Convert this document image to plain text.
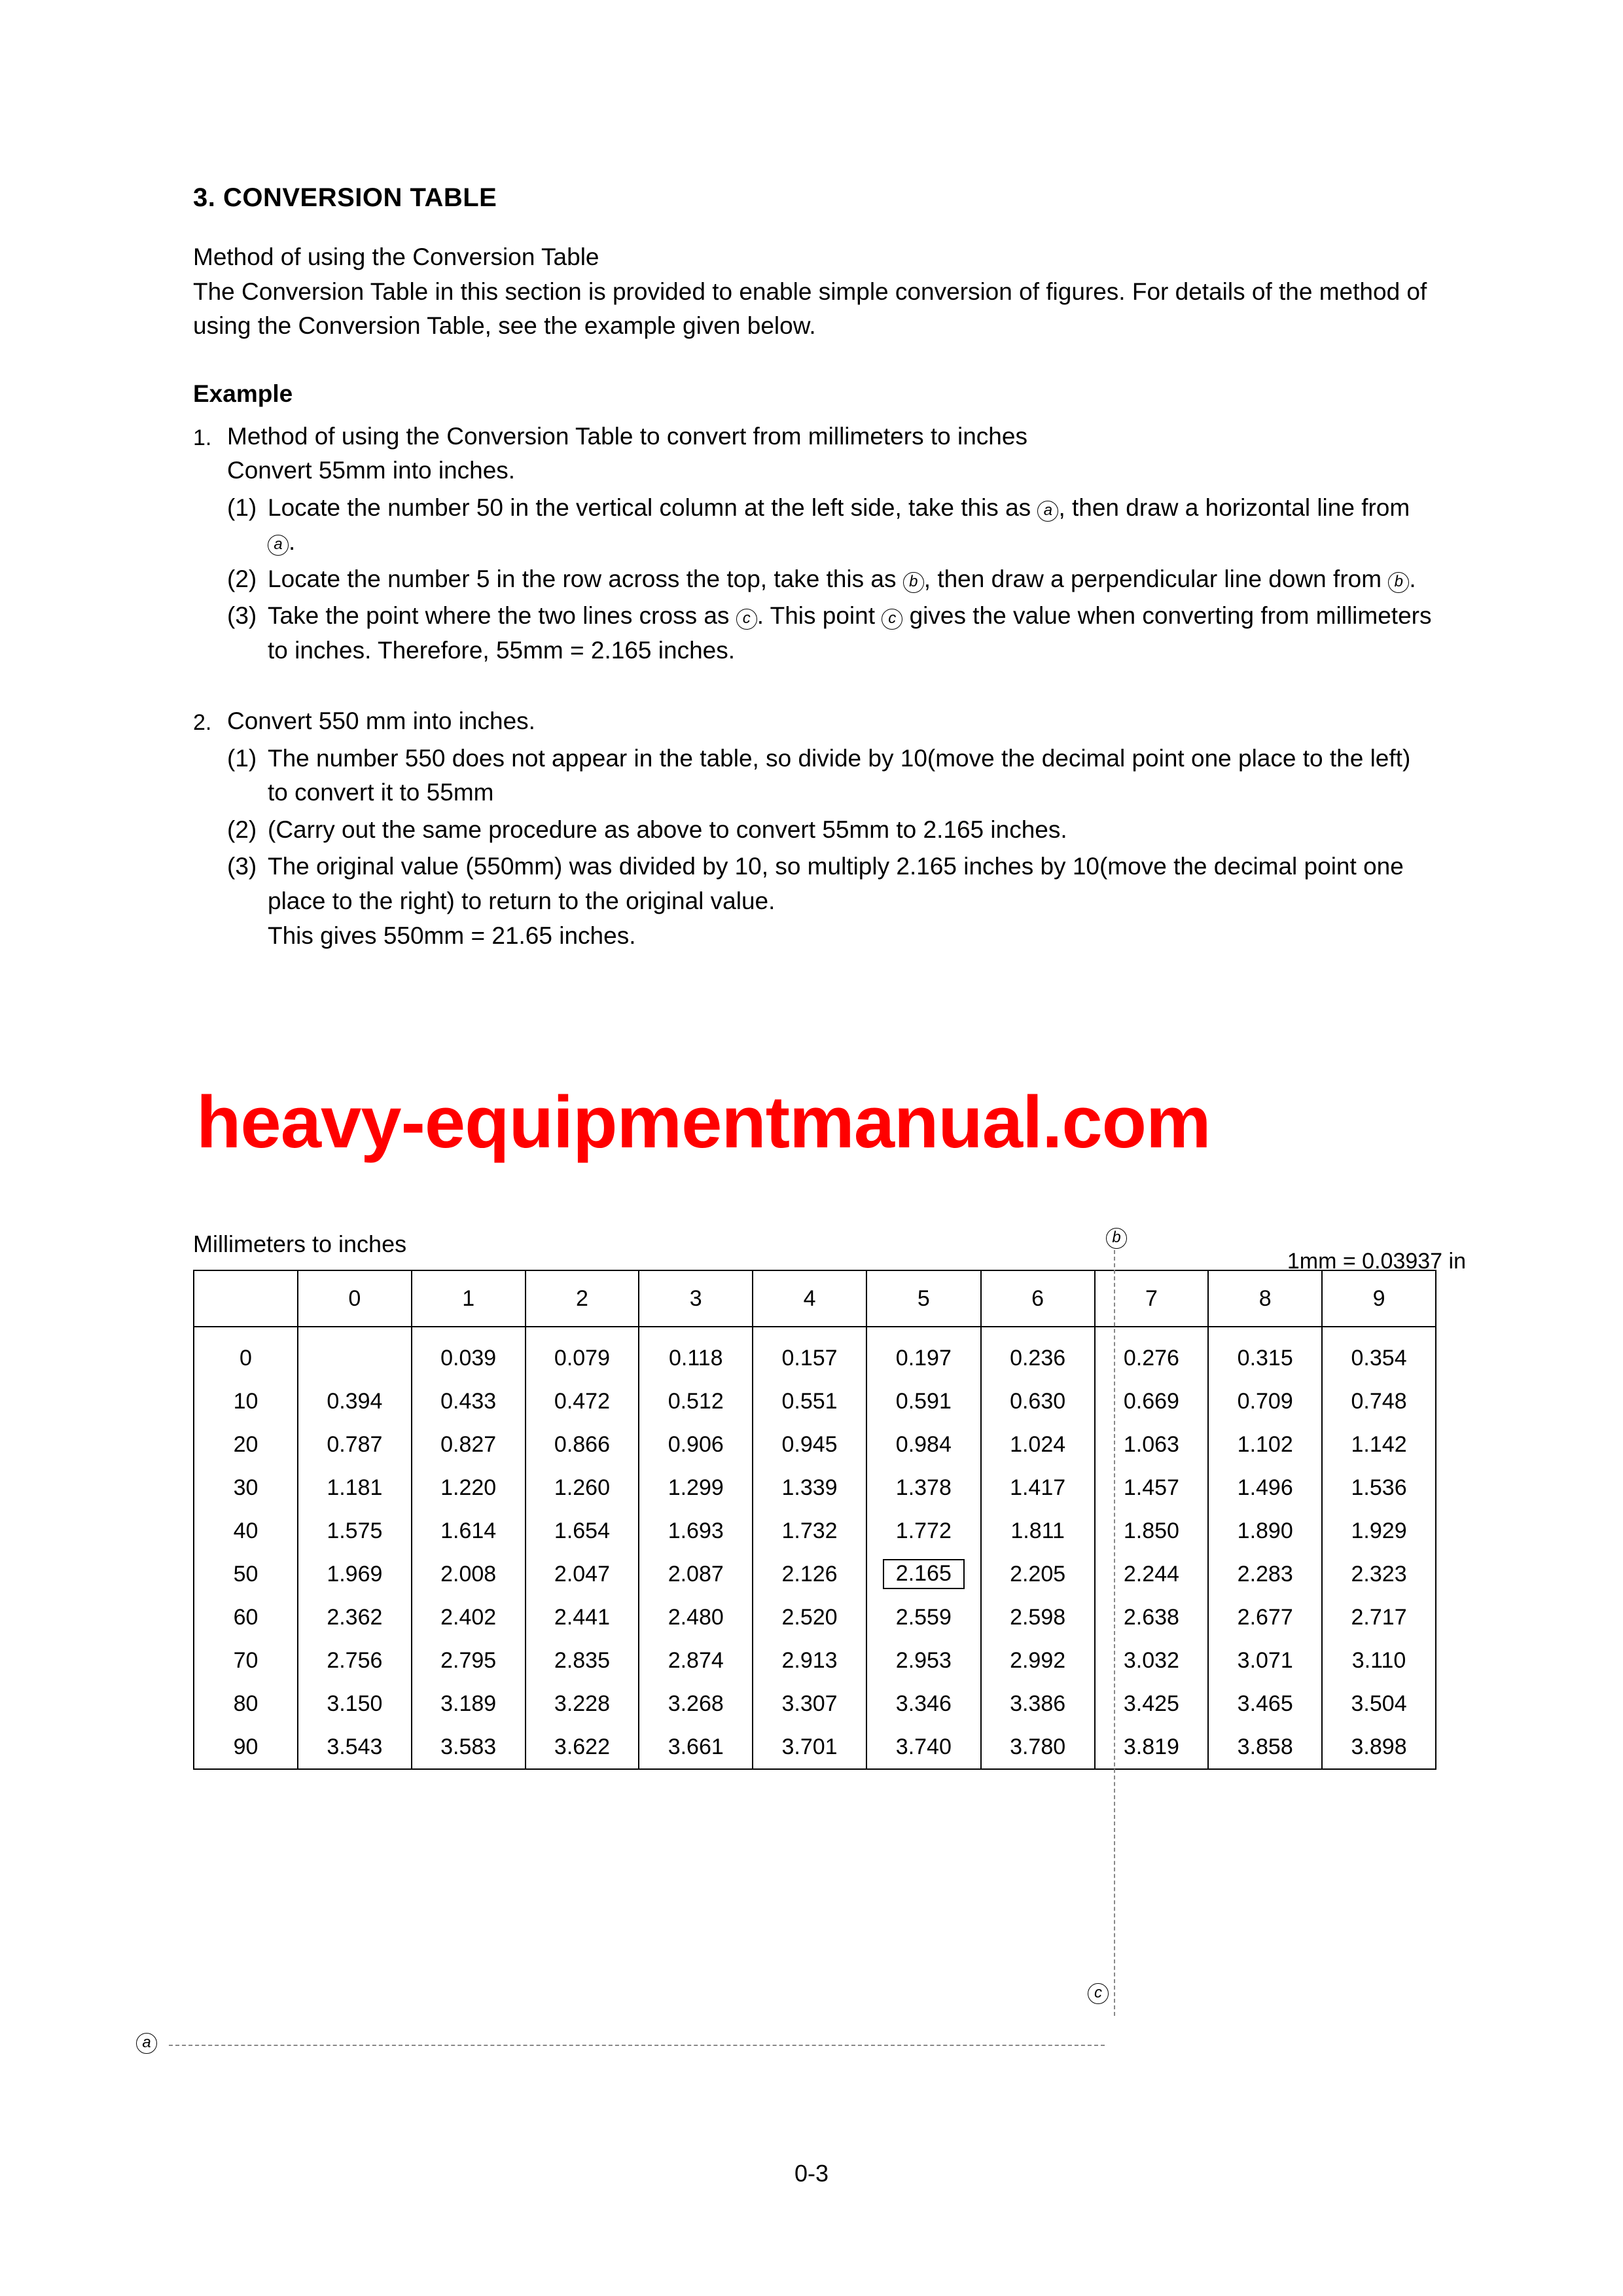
3. CONVERSION TABLE

Method of using the Conversion Table

The Conversion Table in this section is provided to enable simple conversion of figures. For details of the method of using the Conversion Table, see the example given below.

Example
1. Method of using the Conversion Table to convert from millimeters to inches
Convert 55mm into inches.
(1) Locate the number 50 in the vertical column at the left side, take this as a , then draw a horizontal line from a .
(2) Locate the number 5 in the row across the top, take this as b , then draw a perpendicular line down from b .
(3) Take the point where the two lines cross as c . This point c gives the value when converting from millimeters to inches. Therefore, 55mm = 2.165 inches.
2. Convert 550 mm into inches.
(1) The number 550 does not appear in the table, so divide by 10(move the decimal point one place to the left) to convert it to 55mm
(2) (Carry out the same procedure as above to convert 55mm to 2.165 inches.
(3) The original value (550mm) was divided by 10, so multiply 2.165 inches by 10(move the decimal point one place to the right) to return to the original value.
This gives 550mm = 21.65 inches.
heavy-equipmentmanual.com
Millimeters to inches	b
1mm = 0.03937 in
a
c
	0	1	2	3	4	5	6	7	8	9
0		0.039	0.079	0.118	0.157	0.197	0.236	0.276	0.315	0.354
10	0.394	0.433	0.472	0.512	0.551	0.591	0.630	0.669	0.709	0.748
20	0.787	0.827	0.866	0.906	0.945	0.984	1.024	1.063	1.102	1.142
30	1.181	1.220	1.260	1.299	1.339	1.378	1.417	1.457	1.496	1.536
40	1.575	1.614	1.654	1.693	1.732	1.772	1.811	1.850	1.890	1.929
50	1.969	2.008	2.047	2.087	2.126	2.165	2.205	2.244	2.283	2.323
60	2.362	2.402	2.441	2.480	2.520	2.559	2.598	2.638	2.677	2.717
70	2.756	2.795	2.835	2.874	2.913	2.953	2.992	3.032	3.071	3.110
80	3.150	3.189	3.228	3.268	3.307	3.346	3.386	3.425	3.465	3.504
90	3.543	3.583	3.622	3.661	3.701	3.740	3.780	3.819	3.858	3.898
0-3
